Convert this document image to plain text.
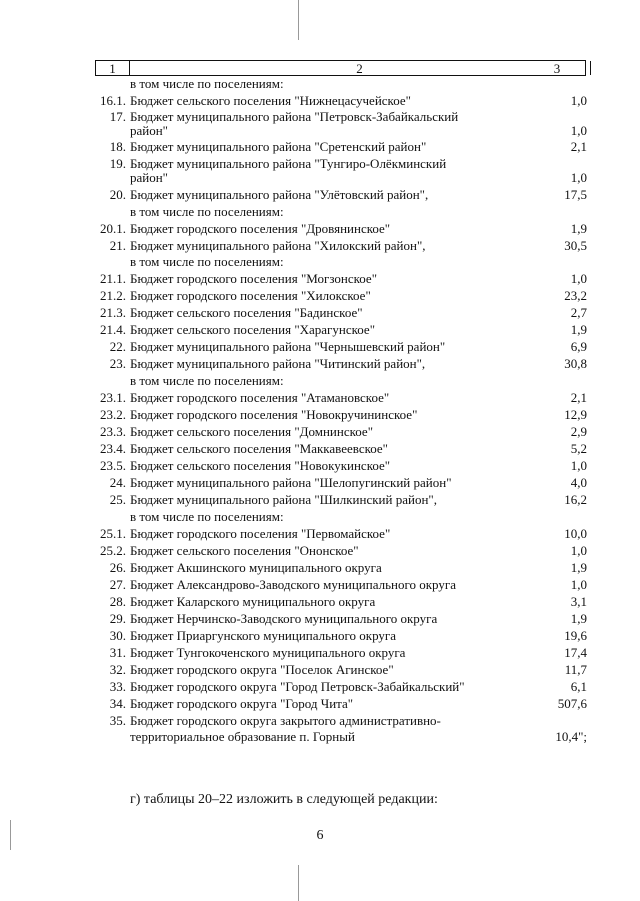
1	2	3
в том числе по поселениям:
16.1. Бюджет сельского поселения "Нижнецасучейское"	1,0
17. Бюджет муниципального района "Петровск-Забайкальский
район"	1,0
18. Бюджет муниципального района "Сретенский район"	2,1
19. Бюджет муниципального района "Тунгиро-Олёкминский
район"	1,0
20. Бюджет муниципального района "Улётовский район",	17,5
в том числе по поселениям:
20.1. Бюджет городского поселения "Дровянинское"	1,9
21. Бюджет муниципального района "Хилокский район",	30,5
в том числе по поселениям:
21.1. Бюджет городского поселения "Могзонское"	1,0
21.2. Бюджет городского поселения "Хилокское"	23,2
21.3. Бюджет сельского поселения "Бадинское"	2,7
21.4. Бюджет сельского поселения "Харагунское"	1,9
22. Бюджет муниципального района "Чернышевский район"	6,9
23. Бюджет муниципального района "Читинский район",	30,8
в том числе по поселениям:
23.1. Бюджет городского поселения "Атамановское"	2,1
23.2. Бюджет городского поселения "Новокручининское"	12,9
23.3. Бюджет сельского поселения "Домнинское"	2,9
23.4. Бюджет сельского поселения "Маккавеевское"	5,2
23.5. Бюджет сельского поселения "Новокукинское"	1,0
24. Бюджет муниципального района "Шелопугинский район"	4,0
25. Бюджет муниципального района "Шилкинский район",	16,2
в том числе по поселениям:
25.1. Бюджет городского поселения "Первомайское"	10,0
25.2. Бюджет сельского поселения "Ононское"	1,0
26. Бюджет Акшинского муниципального округа	1,9
27. Бюджет Александрово-Заводского муниципального округа	1,0
28. Бюджет Каларского муниципального округа	3,1
29. Бюджет Нерчинско-Заводского муниципального округа	1,9
30. Бюджет Приаргунского муниципального округа	19,6
31. Бюджет Тунгокоченского муниципального округа	17,4
32. Бюджет городского округа "Поселок Агинское"	11,7
33. Бюджет городского округа "Город Петровск-Забайкальский"	6,1
34. Бюджет городского округа "Город Чита"	507,6
35. Бюджет городского округа закрытого административно-
территориальное образование п. Горный	10,4";
г) таблицы 20–22 изложить в следующей редакции:
6
